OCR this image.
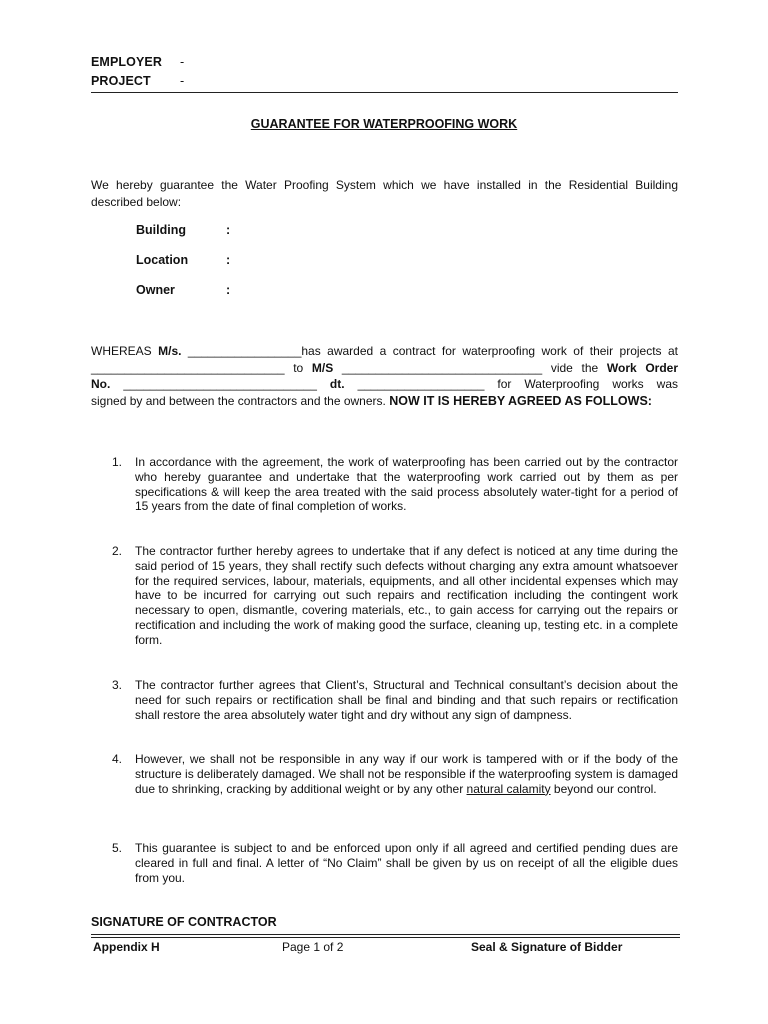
EMPLOYER -
PROJECT -
GUARANTEE FOR WATERPROOFING WORK
We hereby guarantee the Water Proofing System which we have installed in the Residential Building described below:
Building	:
Location	:
Owner	:
WHEREAS M/s. _________________has awarded a contract for waterproofing work of their projects at
_____________________________ to M/S ______________________________ vide the Work Order
No. _____________________________ dt. ___________________ for Waterproofing works was
signed by and between the contractors and the owners. NOW IT IS HEREBY AGREED AS FOLLOWS:
1. In accordance with the agreement, the work of waterproofing has been carried out by the contractor who hereby guarantee and undertake that the waterproofing work carried out by them as per specifications & will keep the area treated with the said process absolutely water-tight for a period of 15 years from the date of final completion of works.
2. The contractor further hereby agrees to undertake that if any defect is noticed at any time during the said period of 15 years, they shall rectify such defects without charging any extra amount whatsoever for the required services, labour, materials, equipments, and all other incidental expenses which may have to be incurred for carrying out such repairs and rectification including the contingent work necessary to open, dismantle, covering materials, etc., to gain access for carrying out the repairs or rectification and including the work of making good the surface, cleaning up, testing etc. in a complete form.
3. The contractor further agrees that Client’s, Structural and Technical consultant’s decision about the need for such repairs or rectification shall be final and binding and that such repairs or rectification shall restore the area absolutely water tight and dry without any sign of dampness.
4. However, we shall not be responsible in any way if our work is tampered with or if the body of the structure is deliberately damaged. We shall not be responsible if the waterproofing system is damaged due to shrinking, cracking by additional weight or by any other natural calamity beyond our control.
5. This guarantee is subject to and be enforced upon only if all agreed and certified pending dues are cleared in full and final. A letter of “No Claim” shall be given by us on receipt of all the eligible dues from you.
SIGNATURE OF CONTRACTOR
Appendix H	Page 1 of 2	Seal & Signature of Bidder
